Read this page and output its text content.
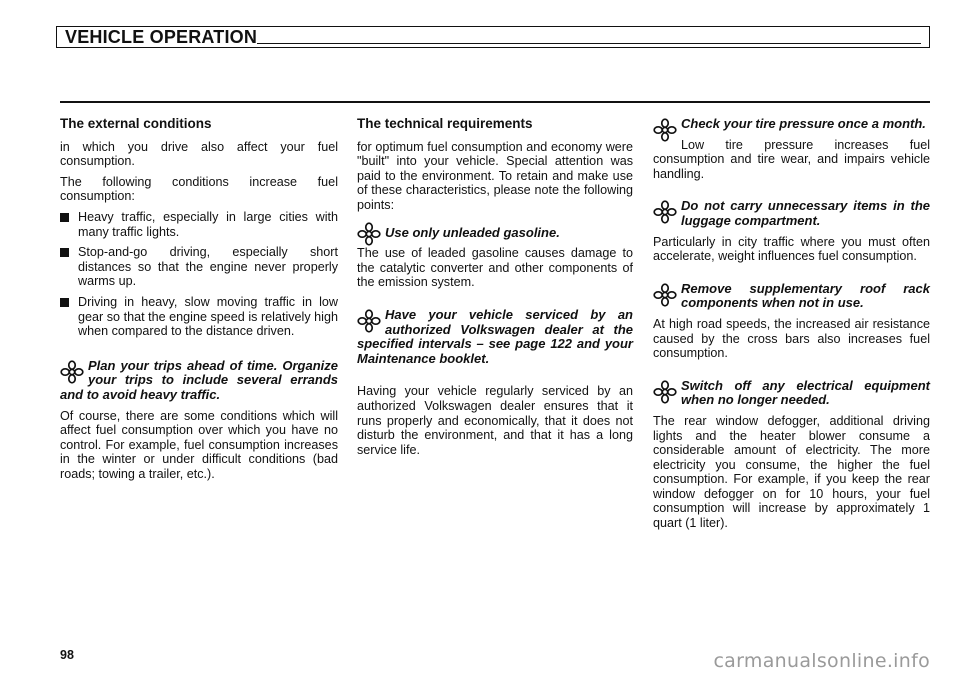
VEHICLE OPERATION
The external conditions

in which you drive also affect your fuel consumption.

The following conditions increase fuel consumption:

Heavy traffic, especially in large cities with many traffic lights.
Stop-and-go driving, especially short distances so that the engine never properly warms up.
Driving in heavy, slow moving traffic in low gear so that the engine speed is relatively high when compared to the distance driven.

Plan your trips ahead of time. Organize your trips to include several errands and to avoid heavy traffic.

Of course, there are some conditions which will affect fuel consumption over which you have no control. For example, fuel consumption increases in the winter or under difficult conditions (bad roads; towing a trailer, etc.).

The technical requirements

for optimum fuel consumption and economy were "built" into your vehicle. Special attention was paid to the environment. To retain and make use of these characteristics, please note the following points:

Use only unleaded gasoline.

The use of leaded gasoline causes damage to the catalytic converter and other components of the emission system.

Have your vehicle serviced by an authorized Volkswagen dealer at the specified intervals – see page 122 and your Maintenance booklet.

Having your vehicle regularly serviced by an authorized Volkswagen dealer ensures that it runs properly and economically, that it does not disturb the environment, and that it has a long service life.

Check your tire pressure once a month.

Low tire pressure increases fuel consumption and tire wear, and impairs vehicle handling.

Do not carry unnecessary items in the luggage compartment.

Particularly in city traffic where you must often accelerate, weight influences fuel consumption.

Remove supplementary roof rack components when not in use.

At high road speeds, the increased air resistance caused by the cross bars also increases fuel consumption.

Switch off any electrical equipment when no longer needed.

The rear window defogger, additional driving lights and the heater blower consume a considerable amount of electricity. The more electricity you consume, the higher the fuel consumption. For example, if you keep the rear window defogger on for 10 hours, your fuel consumption will increase by approximately 1 quart (1 liter).

98	carmanualsonline.info
